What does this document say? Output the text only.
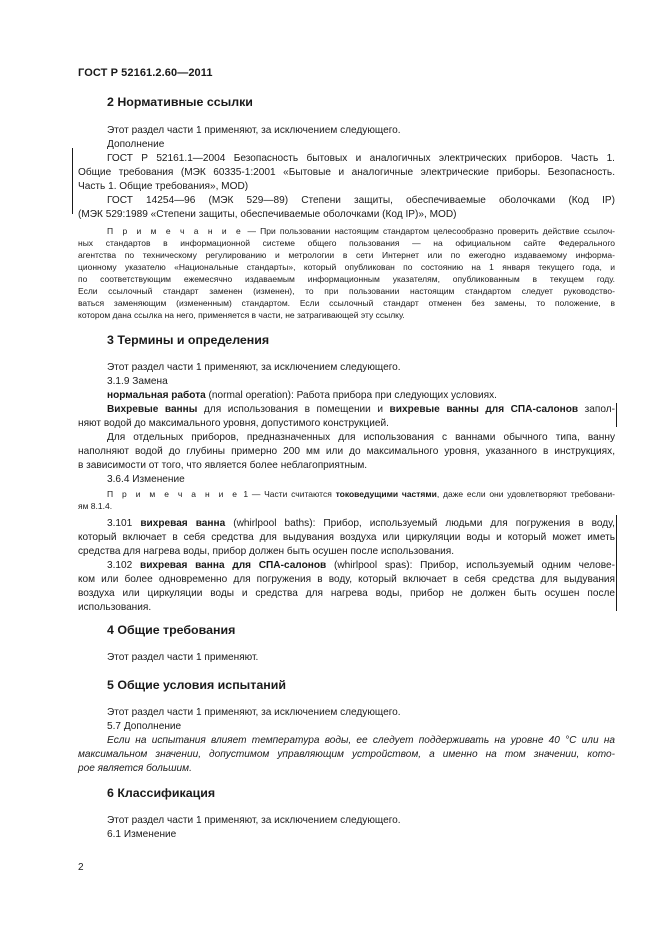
ГОСТ Р 52161.2.60—2011
2 Нормативные ссылки
Этот раздел части 1 применяют, за исключением следующего.
Дополнение
ГОСТ Р 52161.1—2004 Безопасность бытовых и аналогичных электрических приборов. Часть 1.
Общие требования (МЭК 60335-1:2001 «Бытовые и аналогичные электрические приборы. Безопасность.
Часть 1. Общие требования», MOD)
ГОСТ 14254—96 (МЭК 529—89) Степени защиты, обеспечиваемые оболочками (Код IP)
(МЭК 529:1989 «Степени защиты, обеспечиваемые оболочками (Код IP)», MOD)
П р и м е ч а н и е — При пользовании настоящим стандартом целесообразно проверить действие ссылоч-
ных стандартов в информационной системе общего пользования — на официальном сайте Федерального
агентства по техническому регулированию и метрологии в сети Интернет или по ежегодно издаваемому информа-
ционному указателю «Национальные стандарты», который опубликован по состоянию на 1 января текущего года, и
по соответствующим ежемесячно издаваемым информационным указателям, опубликованным в текущем году.
Если ссылочный стандарт заменен (изменен), то при пользовании настоящим стандартом следует руководство-
ваться заменяющим (измененным) стандартом. Если ссылочный стандарт отменен без замены, то положение, в
котором дана ссылка на него, применяется в части, не затрагивающей эту ссылку.
3 Термины и определения
Этот раздел части 1 применяют, за исключением следующего.
3.1.9 Замена
нормальная работа (normal operation): Работа прибора при следующих условиях.
Вихревые ванны для использования в помещении и вихревые ванны для СПА-салонов запол-
няют водой до максимального уровня, допустимого конструкцией.
Для отдельных приборов, предназначенных для использования с ваннами обычного типа, ванну
наполняют водой до глубины примерно 200 мм или до максимального уровня, указанного в инструкциях,
в зависимости от того, что является более неблагоприятным.
3.6.4 Изменение
П р и м е ч а н и е 1 — Части считаются токоведущими частями, даже если они удовлетворяют требовани-
ям 8.1.4.
3.101 вихревая ванна (whirlpool baths): Прибор, используемый людьми для погружения в воду,
который включает в себя средства для выдувания воздуха или циркуляции воды и который может иметь
средства для нагрева воды, прибор должен быть осушен после использования.
3.102 вихревая ванна для СПА-салонов (whirlpool spas): Прибор, используемый одним челове-
ком или более одновременно для погружения в воду, который включает в себя средства для выдувания
воздуха или циркуляции воды и средства для нагрева воды, прибор не должен быть осушен после
использования.
4 Общие требования
Этот раздел части 1 применяют.
5 Общие условия испытаний
Этот раздел части 1 применяют, за исключением следующего.
5.7 Дополнение
Если на испытания влияет температура воды, ее следует поддерживать на уровне 40 °С или на
максимальном значении, допустимом управляющим устройством, а именно на том значении, кото-
рое является большим.
6 Классификация
Этот раздел части 1 применяют, за исключением следующего.
6.1 Изменение
2
